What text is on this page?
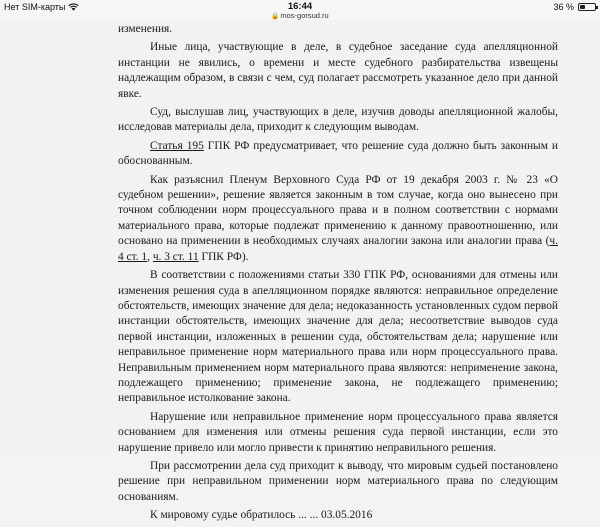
Нет SIM-карты	16:44
🔒mos-gorsud.ru
36 %

изменения.

Иные лица, участвующие в деле, в судебное заседание суда апелляционной инстанции не явились, о времени и месте судебного разбирательства извещены надлежащим образом, в связи с чем, суд полагает рассмотреть указанное дело при данной явке.

Суд, выслушав лиц, участвующих в деле, изучив доводы апелляционной жалобы, исследовав материалы дела, приходит к следующим выводам.

Статья 195 ГПК РФ предусматривает, что решение суда должно быть законным и обоснованным.

Как разъяснил Пленум Верховного Суда РФ от 19 декабря 2003 г. № 23 «О судебном решении», решение является законным в том случае, когда оно вынесено при точном соблюдении норм процессуального права и в полном соответствии с нормами материального права, которые подлежат применению к данному правоотношению, или основано на применении в необходимых случаях аналогии закона или аналогии права (ч. 4 ст. 1, ч. 3 ст. 11 ГПК РФ).

В соответствии с положениями статьи 330 ГПК РФ, основаниями для отмены или изменения решения суда в апелляционном порядке являются: неправильное определение обстоятельств, имеющих значение для дела; недоказанность установленных судом первой инстанции обстоятельств, имеющих значение для дела; несоответствие выводов суда первой инстанции, изложенных в решении суда, обстоятельствам дела; нарушение или неправильное применение норм материального права или норм процессуального права. Неправильным применением норм материального права являются: неприменение закона, подлежащего применению; применение закона, не подлежащего применению; неправильное истолкование закона.

Нарушение или неправильное применение норм процессуального права является основанием для изменения или отмены решения суда первой инстанции, если это нарушение привело или могло привести к принятию неправильного решения.

При рассмотрении дела суд приходит к выводу, что мировым судьей постановлено решение при неправильном применении норм материального права по следующим основаниям.

К мировому судье обратилось ... ... 03.05.2016
